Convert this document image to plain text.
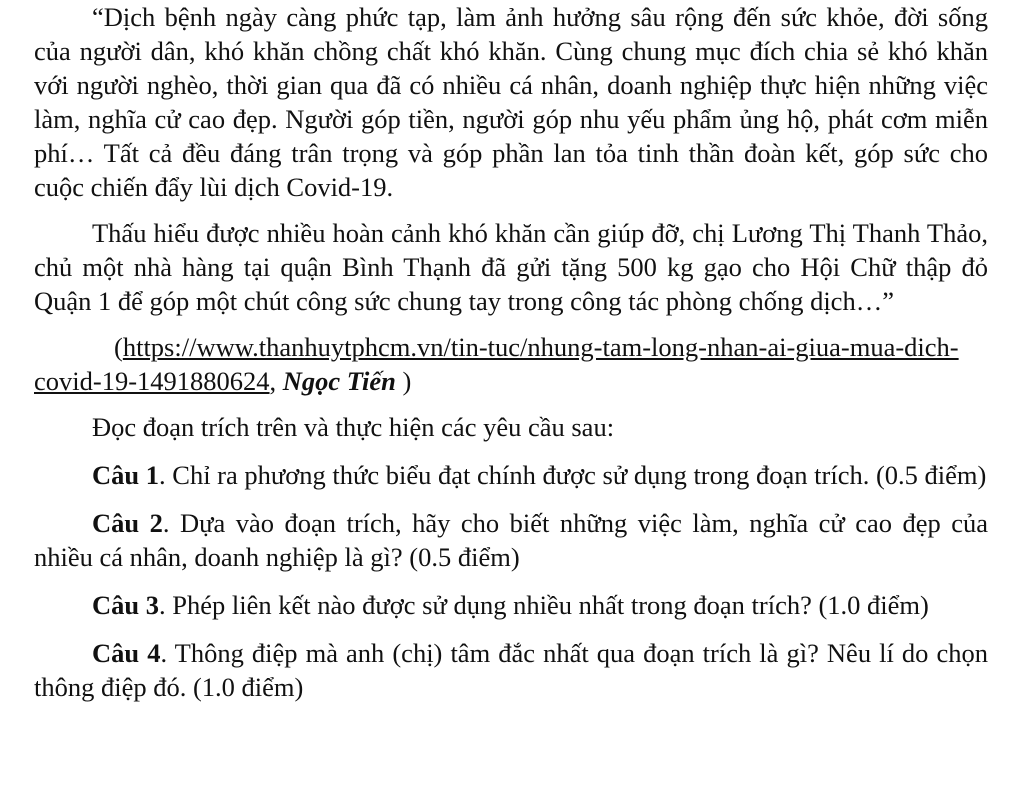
“Dịch bệnh ngày càng phức tạp, làm ảnh hưởng sâu rộng đến sức khỏe, đời sống của người dân, khó khăn chồng chất khó khăn. Cùng chung mục đích chia sẻ khó khăn với người nghèo, thời gian qua đã có nhiều cá nhân, doanh nghiệp thực hiện những việc làm, nghĩa cử cao đẹp. Người góp tiền, người góp nhu yếu phẩm ủng hộ, phát cơm miễn phí… Tất cả đều đáng trân trọng và góp phần lan tỏa tinh thần đoàn kết, góp sức cho cuộc chiến đẩy lùi dịch Covid-19.

Thấu hiểu được nhiều hoàn cảnh khó khăn cần giúp đỡ, chị Lương Thị Thanh Thảo, chủ một nhà hàng tại quận Bình Thạnh đã gửi tặng 500 kg gạo cho Hội Chữ thập đỏ Quận 1 để góp một chút công sức chung tay trong công tác phòng chống dịch…”

(https://www.thanhuytphcm.vn/tin-tuc/nhung-tam-long-nhan-ai-giua-mua-dich-covid-19-1491880624, Ngọc Tiến )

Đọc đoạn trích trên và thực hiện các yêu cầu sau:

Câu 1. Chỉ ra phương thức biểu đạt chính được sử dụng trong đoạn trích. (0.5 điểm)

Câu 2. Dựa vào đoạn trích, hãy cho biết những việc làm, nghĩa cử cao đẹp của nhiều cá nhân, doanh nghiệp là gì? (0.5 điểm)

Câu 3. Phép liên kết nào được sử dụng nhiều nhất trong đoạn trích? (1.0 điểm)

Câu 4. Thông điệp mà anh (chị) tâm đắc nhất qua đoạn trích là gì? Nêu lí do chọn thông điệp đó. (1.0 điểm)
